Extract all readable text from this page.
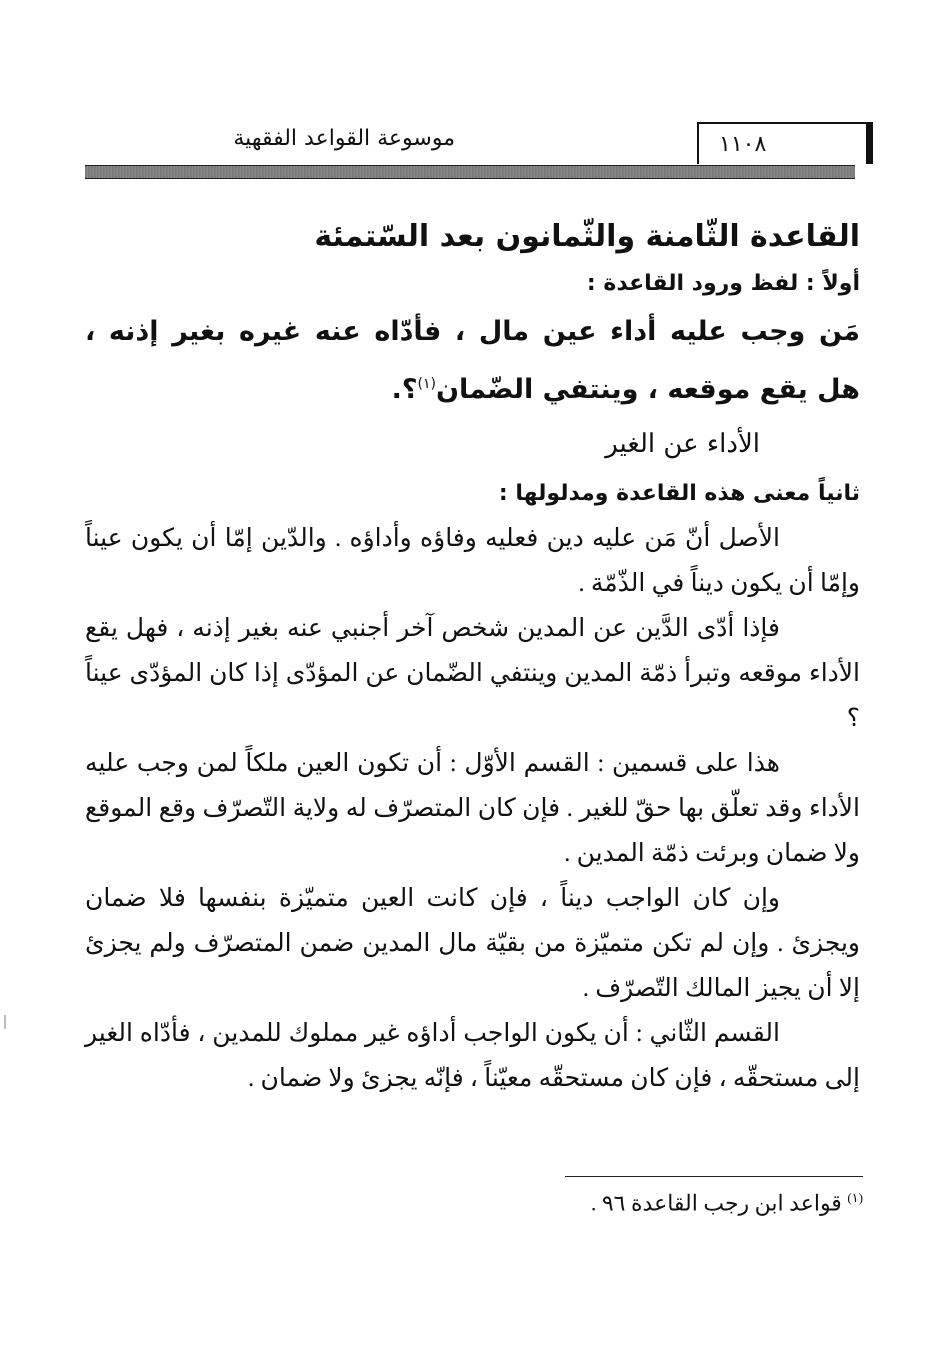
١١٠٨
موسوعة القواعد الفقهية

القاعدة الثّامنة والثّمانون بعد السّتمئة

أولاً : لفظ ورود القاعدة :

مَن وجب عليه أداء عين مال ، فأدّاه عنه غيره بغير إذنه ، هل يقع موقعه ، وينتفي الضّمان$^{(١)}$؟.

الأداء عن الغير

ثانياً معنى هذه القاعدة ومدلولها :

الأصل أنّ مَن عليه دين فعليه وفاؤه وأداؤه . والدّين إمّا أن يكون عيناً وإمّا أن يكون ديناً في الذّمّة .

فإذا أدّى الدَّين عن المدين شخص آخر أجنبي عنه بغير إذنه ، فهل يقع الأداء موقعه وتبرأ ذمّة المدين وينتفي الضّمان عن المؤدّى إذا كان المؤدّى عيناً ؟

هذا على قسمين : القسم الأوّل : أن تكون العين ملكاً لمن وجب عليه الأداء وقد تعلّق بها حقّ للغير . فإن كان المتصرّف له ولاية التّصرّف وقع الموقع ولا ضمان وبرئت ذمّة المدين .

وإن كان الواجب ديناً ، فإن كانت العين متميّزة بنفسها فلا ضمان ويجزئ . وإن لم تكن متميّزة من بقيّة مال المدين ضمن المتصرّف ولم يجزئ إلا أن يجيز المالك التّصرّف .

القسم الثّاني : أن يكون الواجب أداؤه غير مملوك للمدين ، فأدّاه الغير إلى مستحقّه ، فإن كان مستحقّه معيّناً ، فإنّه يجزئ ولا ضمان .

$^{(١)}$ قواعد ابن رجب القاعدة ٩٦ .
